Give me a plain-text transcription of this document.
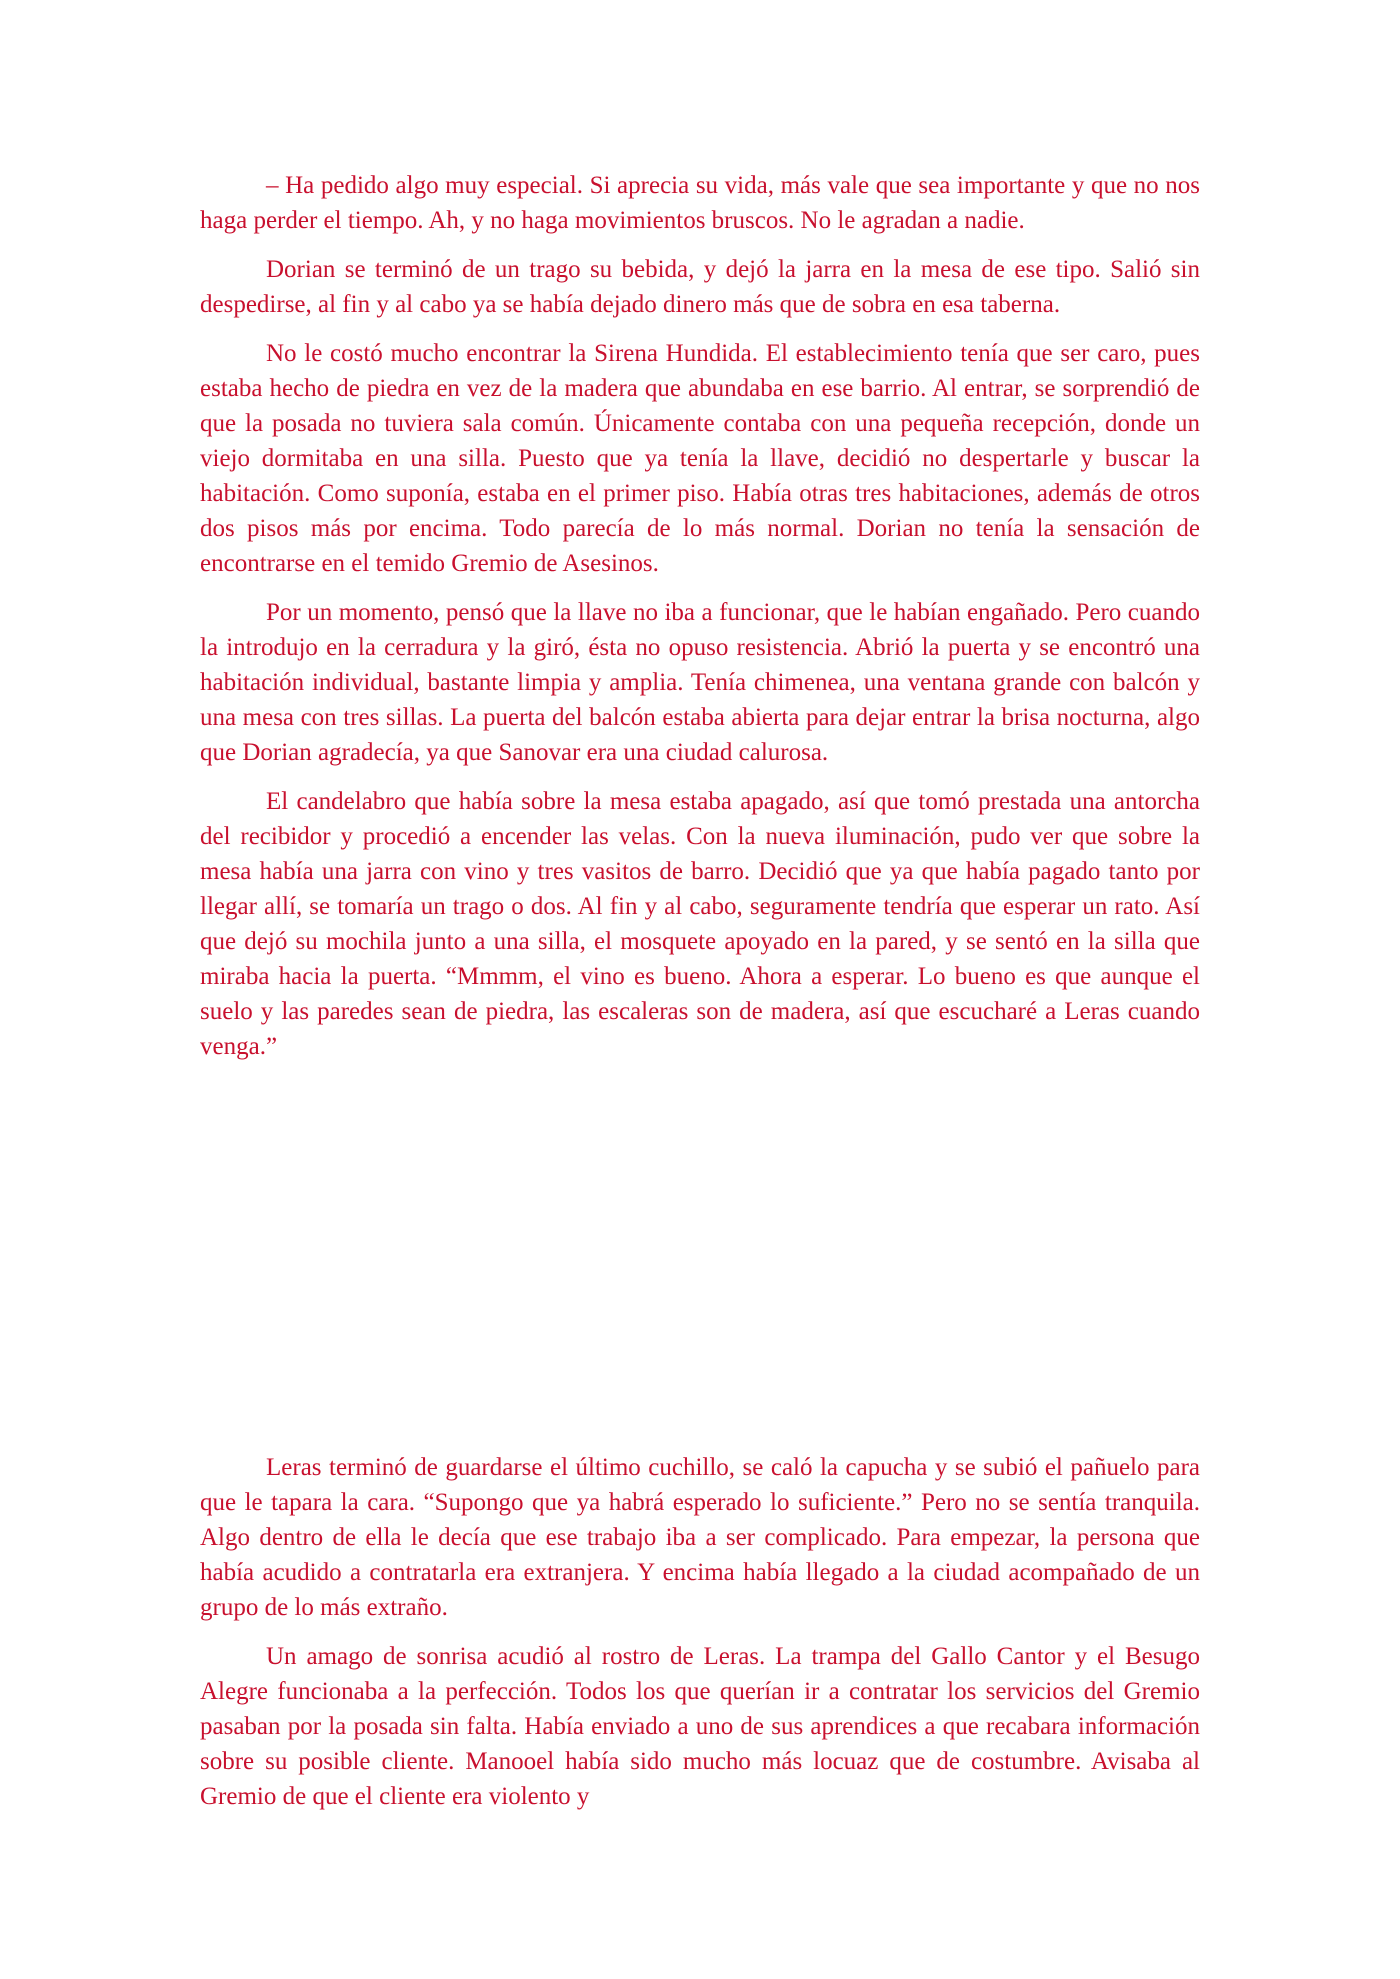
– Ha pedido algo muy especial. Si aprecia su vida, más vale que sea importante y que no nos haga perder el tiempo. Ah, y no haga movimientos bruscos. No le agradan a nadie.

Dorian se terminó de un trago su bebida, y dejó la jarra en la mesa de ese tipo. Salió sin despedirse, al fin y al cabo ya se había dejado dinero más que de sobra en esa taberna.

No le costó mucho encontrar la Sirena Hundida. El establecimiento tenía que ser caro, pues estaba hecho de piedra en vez de la madera que abundaba en ese barrio. Al entrar, se sorprendió de que la posada no tuviera sala común. Únicamente contaba con una pequeña recepción, donde un viejo dormitaba en una silla. Puesto que ya tenía la llave, decidió no despertarle y buscar la habitación. Como suponía, estaba en el primer piso. Había otras tres habitaciones, además de otros dos pisos más por encima. Todo parecía de lo más normal. Dorian no tenía la sensación de encontrarse en el temido Gremio de Asesinos.

Por un momento, pensó que la llave no iba a funcionar, que le habían engañado. Pero cuando la introdujo en la cerradura y la giró, ésta no opuso resistencia. Abrió la puerta y se encontró una habitación individual, bastante limpia y amplia. Tenía chimenea, una ventana grande con balcón y una mesa con tres sillas. La puerta del balcón estaba abierta para dejar entrar la brisa nocturna, algo que Dorian agradecía, ya que Sanovar era una ciudad calurosa.

El candelabro que había sobre la mesa estaba apagado, así que tomó prestada una antorcha del recibidor y procedió a encender las velas. Con la nueva iluminación, pudo ver que sobre la mesa había una jarra con vino y tres vasitos de barro. Decidió que ya que había pagado tanto por llegar allí, se tomaría un trago o dos. Al fin y al cabo, seguramente tendría que esperar un rato. Así que dejó su mochila junto a una silla, el mosquete apoyado en la pared, y se sentó en la silla que miraba hacia la puerta. “Mmmm, el vino es bueno. Ahora a esperar. Lo bueno es que aunque el suelo y las paredes sean de piedra, las escaleras son de madera, así que escucharé a Leras cuando venga.”

Leras terminó de guardarse el último cuchillo, se caló la capucha y se subió el pañuelo para que le tapara la cara. “Supongo que ya habrá esperado lo suficiente.” Pero no se sentía tranquila. Algo dentro de ella le decía que ese trabajo iba a ser complicado. Para empezar, la persona que había acudido a contratarla era extranjera. Y encima había llegado a la ciudad acompañado de un grupo de lo más extraño.

Un amago de sonrisa acudió al rostro de Leras. La trampa del Gallo Cantor y el Besugo Alegre funcionaba a la perfección. Todos los que querían ir a contratar los servicios del Gremio pasaban por la posada sin falta. Había enviado a uno de sus aprendices a que recabara información sobre su posible cliente. Manooel había sido mucho más locuaz que de costumbre. Avisaba al Gremio de que el cliente era violento y
